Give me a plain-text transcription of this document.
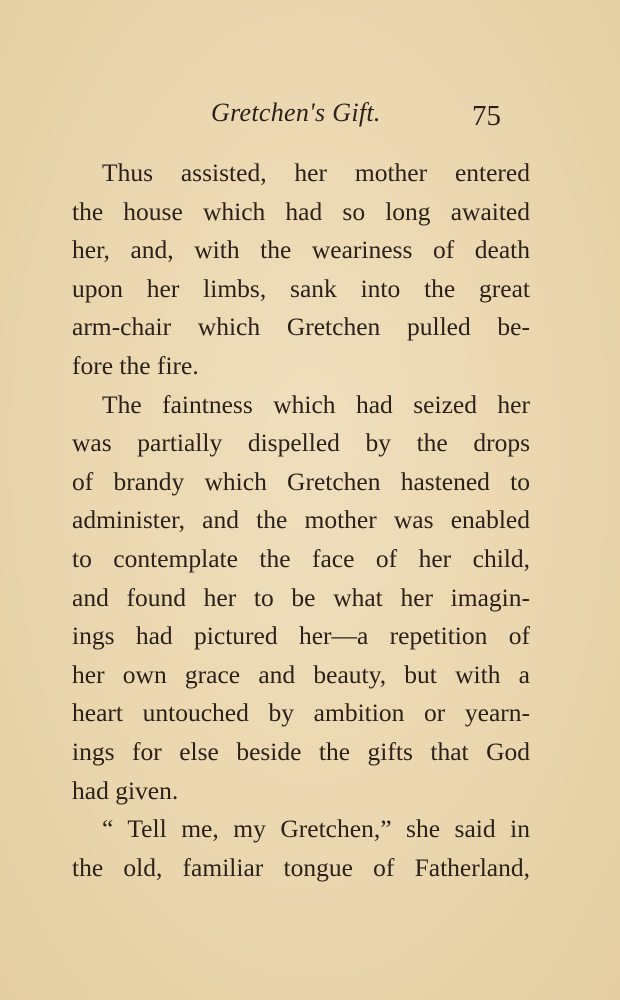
Gretchen's Gift.	75
Thus assisted, her mother entered
the house which had so long awaited
her, and, with the weariness of death
upon her limbs, sank into the great
arm-chair which Gretchen pulled be-
fore the fire.
The faintness which had seized her
was partially dispelled by the drops
of brandy which Gretchen hastened to
administer, and the mother was enabled
to contemplate the face of her child,
and found her to be what her imagin-
ings had pictured her—a repetition of
her own grace and beauty, but with a
heart untouched by ambition or yearn-
ings for else beside the gifts that God
had given.
“ Tell me, my Gretchen,” she said in
the old, familiar tongue of Fatherland,
